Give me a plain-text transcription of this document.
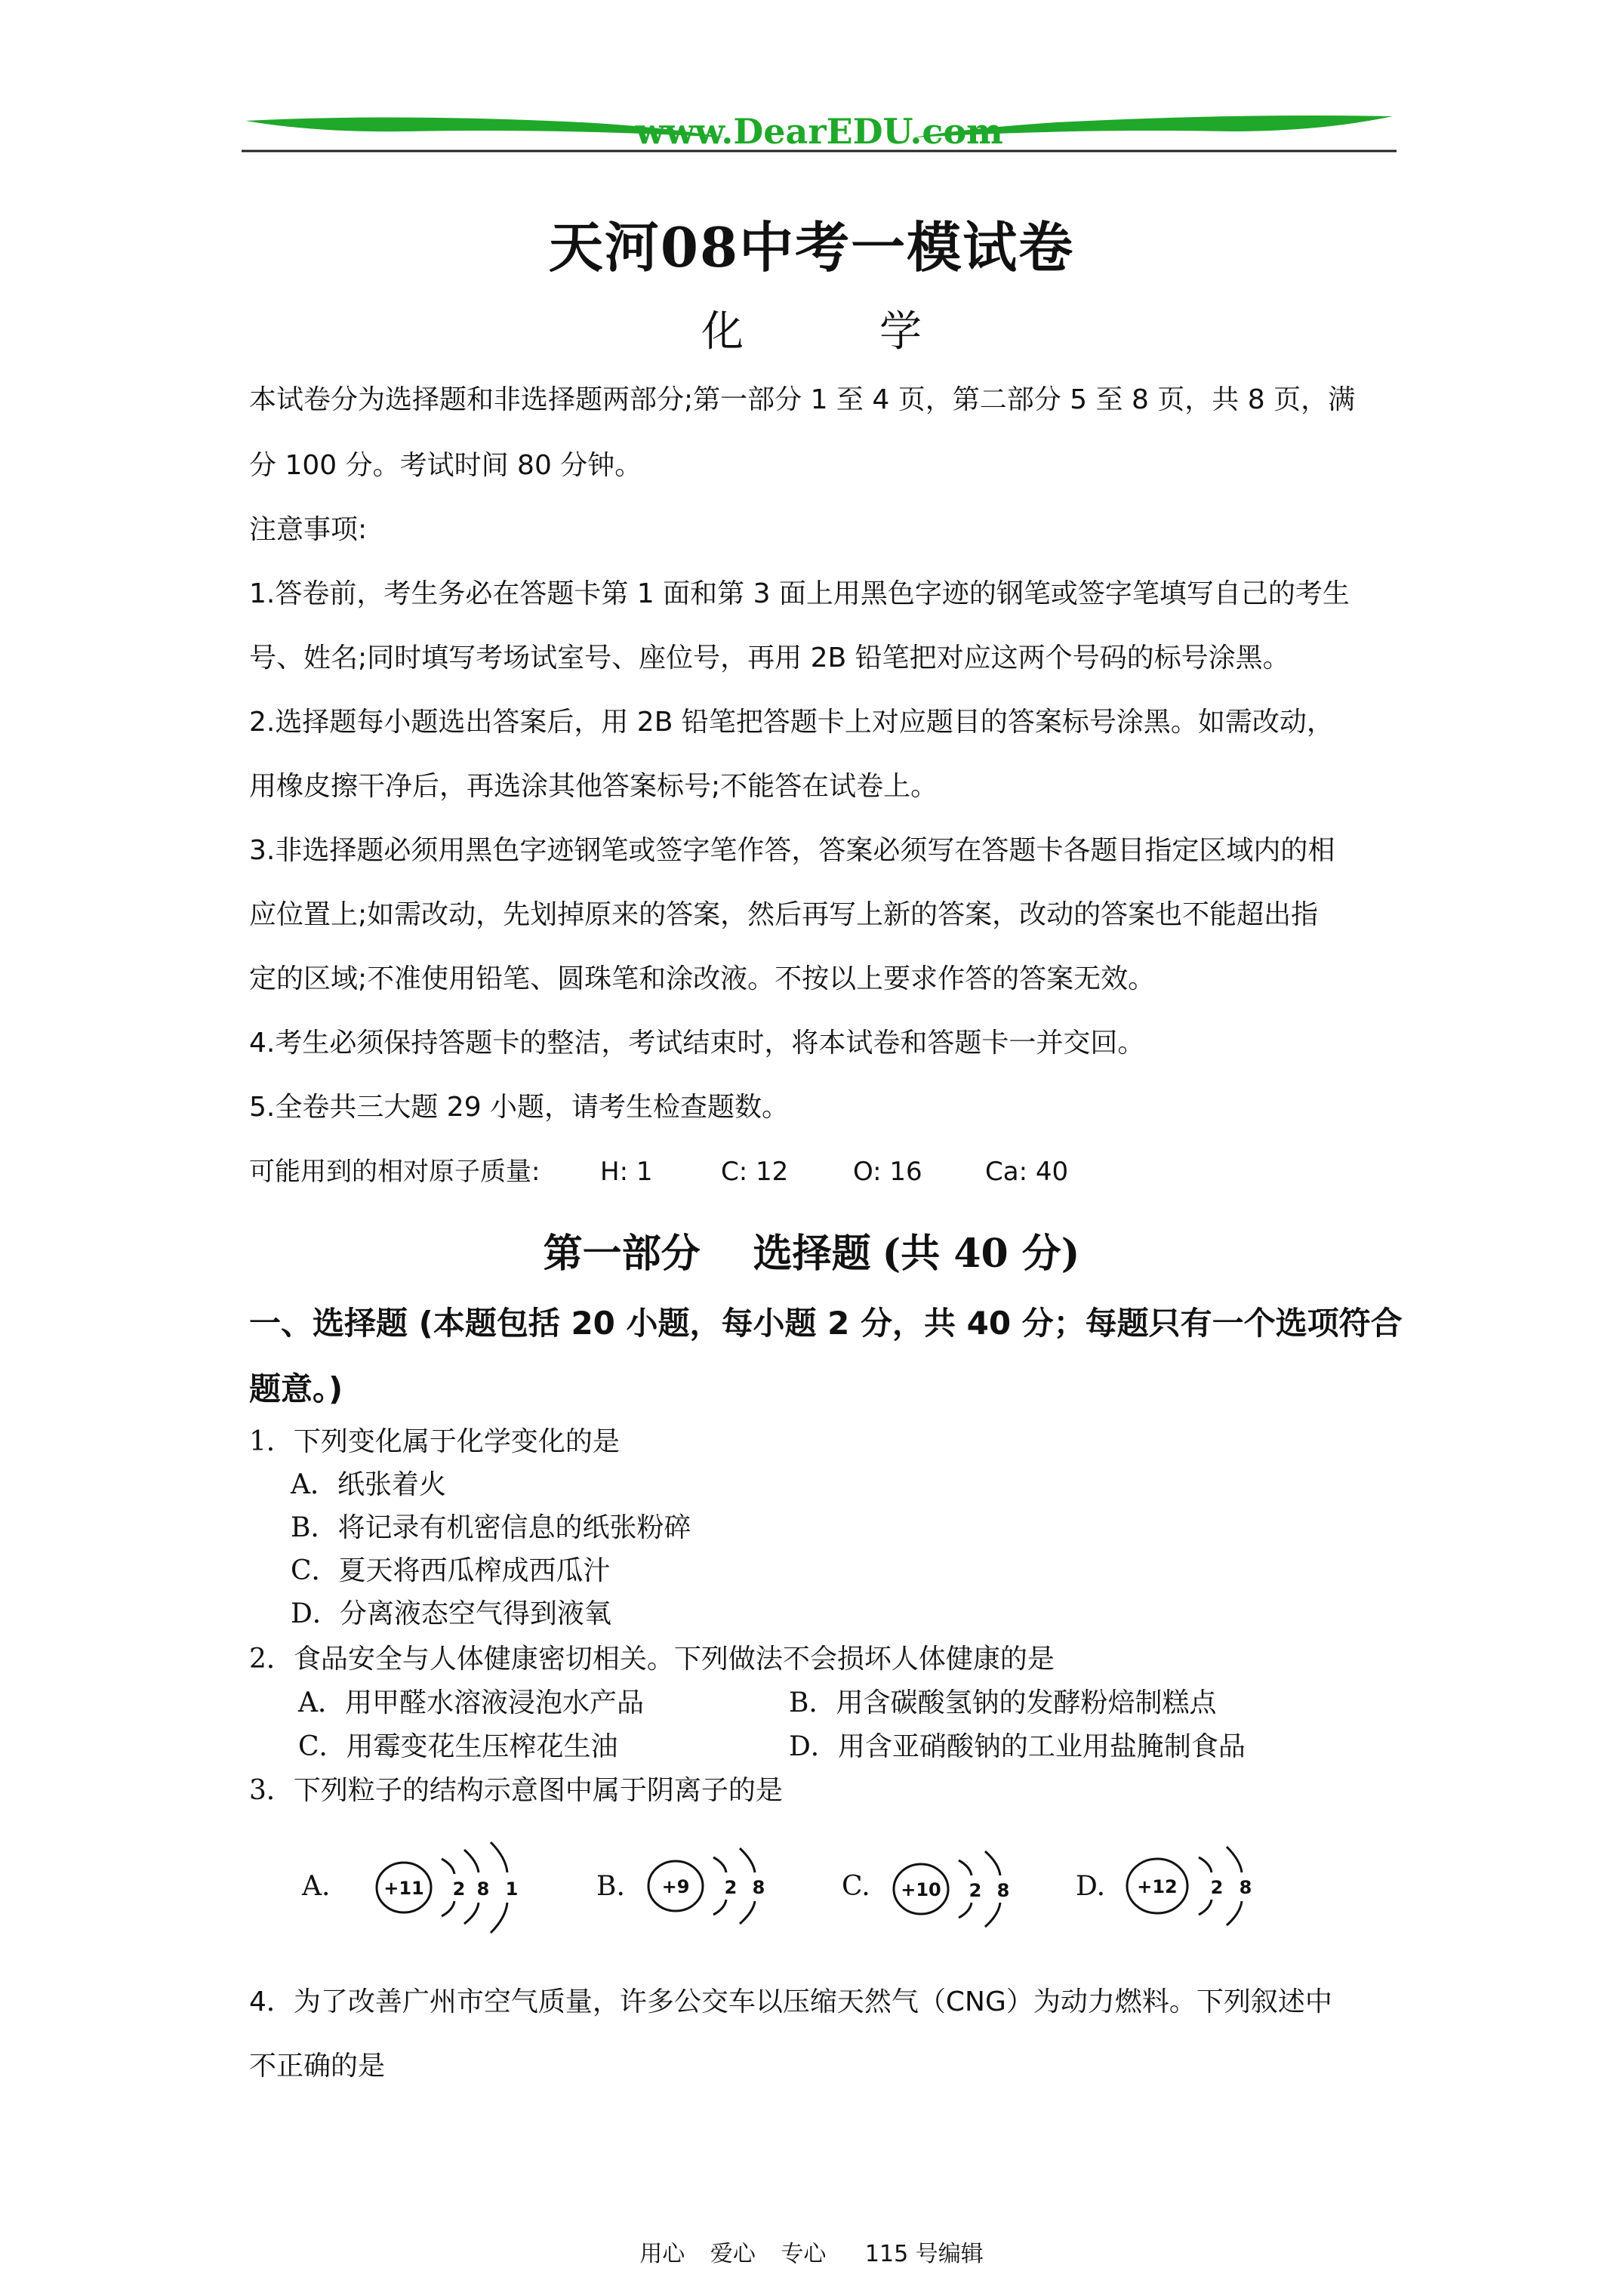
www.DearEDU.com
天河08中考一模试卷
化	学
本试卷分为选择题和非选择题两部分;第一部分 1 至 4 页，第二部分 5 至 8 页，共 8 页，满
分 100 分。考试时间 80 分钟。
注意事项:
1.答卷前，考生务必在答题卡第 1 面和第 3 面上用黑色字迹的钢笔或签字笔填写自己的考生
号、姓名;同时填写考场试室号、座位号，再用 2B 铅笔把对应这两个号码的标号涂黑。
2.选择题每小题选出答案后，用 2B 铅笔把答题卡上对应题目的答案标号涂黑。如需改动，
用橡皮擦干净后，再选涂其他答案标号;不能答在试卷上。
3.非选择题必须用黑色字迹钢笔或签字笔作答，答案必须写在答题卡各题目指定区域内的相
应位置上;如需改动，先划掉原来的答案，然后再写上新的答案，改动的答案也不能超出指
定的区域;不准使用铅笔、圆珠笔和涂改液。不按以上要求作答的答案无效。
4.考生必须保持答题卡的整洁，考试结束时，将本试卷和答题卡一并交回。
5.全卷共三大题 29 小题，请考生检查题数。
可能用到的相对原子质量: H: 1	C: 12	O: 16 Ca: 40
第一部分 选择题 (共 40 分)
一、选择题 (本题包括 20 小题，每小题 2 分，共 40 分；每题只有一个选项符合
题意。)
1．下列变化属于化学变化的是
A．纸张着火
B．将记录有机密信息的纸张粉碎
C．夏天将西瓜榨成西瓜汁
D．分离液态空气得到液氧
2．食品安全与人体健康密切相关。下列做法不会损坏人体健康的是
A．用甲醛水溶液浸泡水产品	B．用含碳酸氢钠的发酵粉焙制糕点
C．用霉变花生压榨花生油	D．用含亚硝酸钠的工业用盐腌制食品
3．下列粒子的结构示意图中属于阴离子的是
A.	B.	C.	D.
+11 2 8 1	+9 2 8	+10 2 8	+12 2 8
4．为了改善广州市空气质量，许多公交车以压缩天然气（CNG）为动力燃料。下列叙述中
不正确的是
用心 爱心 专心 115 号编辑
